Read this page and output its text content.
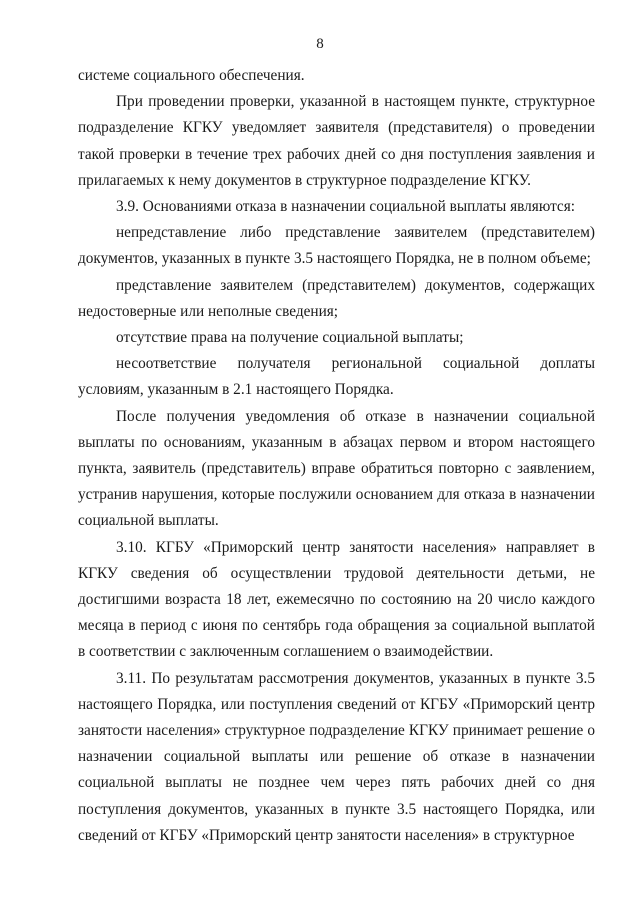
8

системе социального обеспечения.

При проведении проверки, указанной в настоящем пункте, структурное подразделение КГКУ уведомляет заявителя (представителя) о проведении такой проверки в течение трех рабочих дней со дня поступления заявления и прилагаемых к нему документов в структурное подразделение КГКУ.

3.9. Основаниями отказа в назначении социальной выплаты являются:

непредставление либо представление заявителем (представителем) документов, указанных в пункте 3.5 настоящего Порядка, не в полном объеме;

представление заявителем (представителем) документов, содержащих недостоверные или неполные сведения;

отсутствие права на получение социальной выплаты;

несоответствие получателя региональной социальной доплаты условиям, указанным в 2.1 настоящего Порядка.

После получения уведомления об отказе в назначении социальной выплаты по основаниям, указанным в абзацах первом и втором настоящего пункта, заявитель (представитель) вправе обратиться повторно с заявлением, устранив нарушения, которые послужили основанием для отказа в назначении социальной выплаты.

3.10. КГБУ «Приморский центр занятости населения» направляет в КГКУ сведения об осуществлении трудовой деятельности детьми, не достигшими возраста 18 лет, ежемесячно по состоянию на 20 число каждого месяца в период с июня по сентябрь года обращения за социальной выплатой в соответствии с заключенным соглашением о взаимодействии.

3.11. По результатам рассмотрения документов, указанных в пункте 3.5 настоящего Порядка, или поступления сведений от КГБУ «Приморский центр занятости населения» структурное подразделение КГКУ принимает решение о назначении социальной выплаты или решение об отказе в назначении социальной выплаты не позднее чем через пять рабочих дней со дня поступления документов, указанных в пункте 3.5 настоящего Порядка, или сведений от КГБУ «Приморский центр занятости населения» в структурное
